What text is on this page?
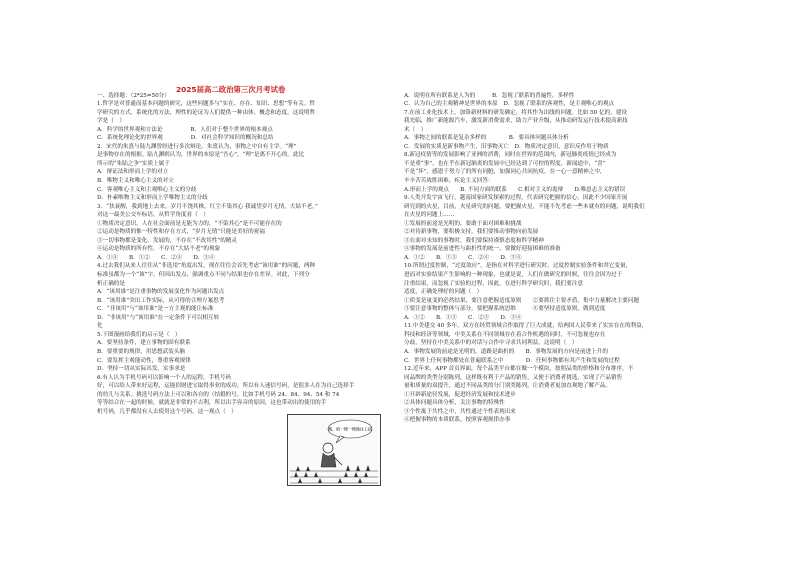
2025届高二政治第三次月考试卷
一、选择题：（2*25=50分）
1.哲学是对普通而基本问题的研究，这些问题多与“实在、存在、知识、思想”等有关。哲
学研究的方式、系统化的方法，理性的论证为人们提供一种由体，概念和态度。这说明哲
学是（　）
A．科学的世界观和方法论　　　　　B．人们对于整个世界的根本观点
C．系统化理论化的世界观　　　　　D．对社会科学知识的概况和总结
2．宋代的朱熹与陆九渊曾经进行多次辩论。朱熹认为，事物之中自有主宰。“理”
是事物存在的根据。陆九渊则认为，世界的本原是“吾心”，“理”是离不开心的。此比
所示的“朱陆之争”实质上属于
A．辩证法和形而上学的对立
B．唯物主义和唯心主义的对立
C．客观唯心主义和主观唯心主义的分歧
D．朴素唯物主义和形而上学唯物主义的分歧
3．“扶衰醒，我到地上去来，岁月不饶其株，红尘不染其心 我诚望岁月无情，大姑不老。”
对这一最美公交车标语，从哲学角度看（　）
①物质决定意识，人在社会面前是无能为力的，“不染其心”是不可能存在的
②运动是物质的惟一特性和存在方式，“岁月无情”只能是美好的祝福
③一切事物都是变化、发展的，不存在“不改其性”的精灵
④运动是物质的所有性，不存在“大姑不老”的现象
A．①④　　B．①②　　C．②④　　D．③④
4.过去我们从来人往往从“非选用”角度出发，现在往往会首先考虑“该用谁”的问题，两种
标准虽都为一个“该”字，但因出发点、强调重点不同与结果也存在差异。对此，下列分
析正确的是
A．“该用谁”是注重事物的发展变化作为问题出发点
B．“该用谁”突出工作实际，从可得的合理方案思考
C．“非该用”与“该用谁”是一方主观的能让标准
D．“非该用”与“该用谁”在一定条件下可以相互转
化
5.下图漫画给我们的启示是（　）
A．要坚持条件，建立事物的固有联系
B．要重要的规律，用思想武装头脑
C．要发挥主观能动性，尊重客观规律
D．坚持一切从实际出发，实事求是
6.有人认为手机号码可以影响一个人的运程，手机号码
好，可以给人带来好运程，运能招财进宝取得事业的成功。所以有人迷信号码，是很多人在为自己选择手
的幼儿与关系。挑选号码方法上可以和各自的（结婚的号，比如手机号码 24、84、94、54 和 74
等等结合在一起的时候，就就是非常的不吉利，所以出手容音的原因，这也带动出的使用的手
机号码，几乎都没有人去使用这个号码，这一观点（　）
A．说明在所有联系是人为的　　　B．忽视了联系的普遍性，多样性
C．认为自己的主观精神是世界的本原　D．忽视了联系的客观性，是主观唯心的观点
7.在前工业化技术上，加铬新材料的研发确定，将其作为出线的问题。比如 50 亿的，建设
我光临，推广新能源汽车，激发新消费需求，助力产业升级，从推动研发运行技术提高新技
术（　）
A．事物之间的联系是复杂多样的　　　　B．要具体问题具体分析
C．发展的实质是新事物产生，旧事物灭亡　D．物质决定意识，意识反作用于物质
8.新冠疫情等的发展影响了亚洲的消费，同时在世界的范围内，新冠肺炎疫情已经成为
不是重“事”，也在乎在新冠肺炎的发展中已经达到了可控的程度。新闻道中，“喜”
不是“坏”，感恩于努力了的所有同胞，加强同心共同抗疫，在一心一意精神之中，
辛辛苦苦战胜困难。疾论主义回答：
A.形而上学的观点　　B. 不同方面的联系　　C.相对主义的诡辩　　D.唯意志主义的错误
9.人类开发宇宙飞行，越南国家研发探索的过程，代表研究把握的信心。因此不少国家开展
研究到的火星，目前，火星研究的问题，要把握火星，不能不先考虑一些本就有的问题，说明我们
在火星的问题上……
①发展的前途是光明的，要敢于面对困难和挑战
②对待新事物，要积极支持，我们要推动事物向前发展
③在面对未知的事物时，我们要保持谨慎态度和科学精神
④事物的发展是前进性与曲折性的统一，要做好迎接困难的准备
A．①②　　B．①③　　C．②④　　D．③④
10.所谓过度控制，“过度效应”，是指在对科学进行研究时，过度控制实验条件和其它变量，
进而对实验结果产生影响的一种现象，也就是说，人们在做研究的时候，往往会因为过于
注重结果，而忽视了实验的过程，因此，在进行科学研究时，我们要注意
适度，正确处理好的问题（　）
①质变是量变的必然结果，要注意把握适度原则　　②要抓住主要矛盾，集中力量解决主要问题
③要注意事物的整体与部分，要把握系统思维　　　④要坚持适度原则，做到适度
A．①②　　B．①③　　C．②③　　D．③④
11.中美建交 40 多年，双方在经贸领域合作取得了巨大成就，给两国人民带来了实实在在的利益，
科技和经济等领域，中美关系在不同领域存在着合作机遇的同时，不可忽视也存在
分歧，坚持在中美关系中的对话与合作中寻求共同利益，这说明（　）
A．事物发展的前途是光明的，道路是曲折的　　B．事物发展的方向是前进上升的
C．世界上任何事物都处在普遍联系之中　　　　D．任何事物都有其产生和发展的过程
12.近年来，APP 首页界面，每个品类平台都在做一个模块，按照品类的价格和分布排序，不
同品牌的类型分别陈列，这样既有利于产品的销售，又便于消费者挑选，实现了产品销售
量和质量的双提升，通过不同品类的分门别类陈列，让消费者更加直观地了解产品。
①开辟新途径发展，促进经济发展和技术进步
②具体问题具体分析，关注事物的特殊性
③个性寓于共性之中，共性通过个性表现出来
④把握事物的本质联系，按照客观规律办事
哦，咱一棵一棵地往上拔
